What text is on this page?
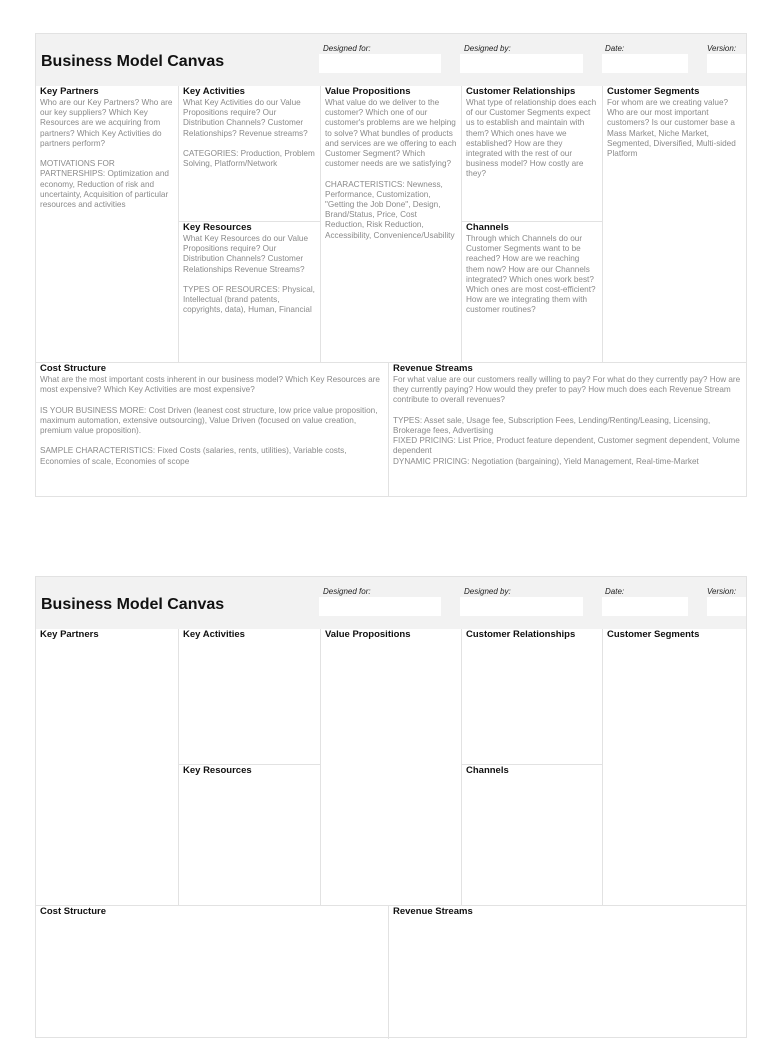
Business Model Canvas
Designed for:	Designed by:	Date:	Version:
Key Partners

Who are our Key Partners? Who are our key suppliers? Which Key Resources are we acquiring from partners? Which Key Activities do partners perform?

MOTIVATIONS FOR PARTNERSHIPS: Optimization and economy, Reduction of risk and uncertainty, Acquisition of particular resources and activities

Key Activities

What Key Activities do our Value Propositions require? Our Distribution Channels? Customer Relationships? Revenue streams?

CATEGORIES: Production, Problem Solving, Platform/Network

Key Resources

What Key Resources do our Value Propositions require? Our Distribution Channels? Customer Relationships Revenue Streams?

TYPES OF RESOURCES: Physical, Intellectual (brand patents, copyrights, data), Human, Financial

Value Propositions

What value do we deliver to the customer? Which one of our customer's problems are we helping to solve? What bundles of products and services are we offering to each Customer Segment? Which customer needs are we satisfying?

CHARACTERISTICS: Newness, Performance, Customization, "Getting the Job Done", Design, Brand/Status, Price, Cost Reduction, Risk Reduction, Accessibility, Convenience/Usability

Customer Relationships

What type of relationship does each of our Customer Segments expect us to establish and maintain with them? Which ones have we established? How are they integrated with the rest of our business model? How costly are they?

Channels

Through which Channels do our Customer Segments want to be reached? How are we reaching them now? How are our Channels integrated? Which ones work best? Which ones are most cost-efficient? How are we integrating them with customer routines?

Customer Segments

For whom are we creating value? Who are our most important customers? Is our customer base a Mass Market, Niche Market, Segmented, Diversified, Multi-sided Platform

Cost Structure

What are the most important costs inherent in our business model? Which Key Resources are most expensive? Which Key Activities are most expensive?

IS YOUR BUSINESS MORE: Cost Driven (leanest cost structure, low price value proposition, maximum automation, extensive outsourcing), Value Driven (focused on value creation, premium value proposition).

SAMPLE CHARACTERISTICS: Fixed Costs (salaries, rents, utilities), Variable costs, Economies of scale, Economies of scope

Revenue Streams

For what value are our customers really willing to pay? For what do they currently pay? How are they currently paying? How would they prefer to pay? How much does each Revenue Stream contribute to overall revenues?

TYPES: Asset sale, Usage fee, Subscription Fees, Lending/Renting/Leasing, Licensing, Brokerage fees, Advertising
FIXED PRICING: List Price, Product feature dependent, Customer segment dependent, Volume dependent
DYNAMIC PRICING: Negotiation (bargaining), Yield Management, Real-time-Market

Business Model Canvas
Designed for:	Designed by:	Date:	Version:
Key Partners	Key Activities
Key Resources
Value Propositions	Customer Relationships
Channels
Customer Segments
Cost Structure	Revenue Streams
